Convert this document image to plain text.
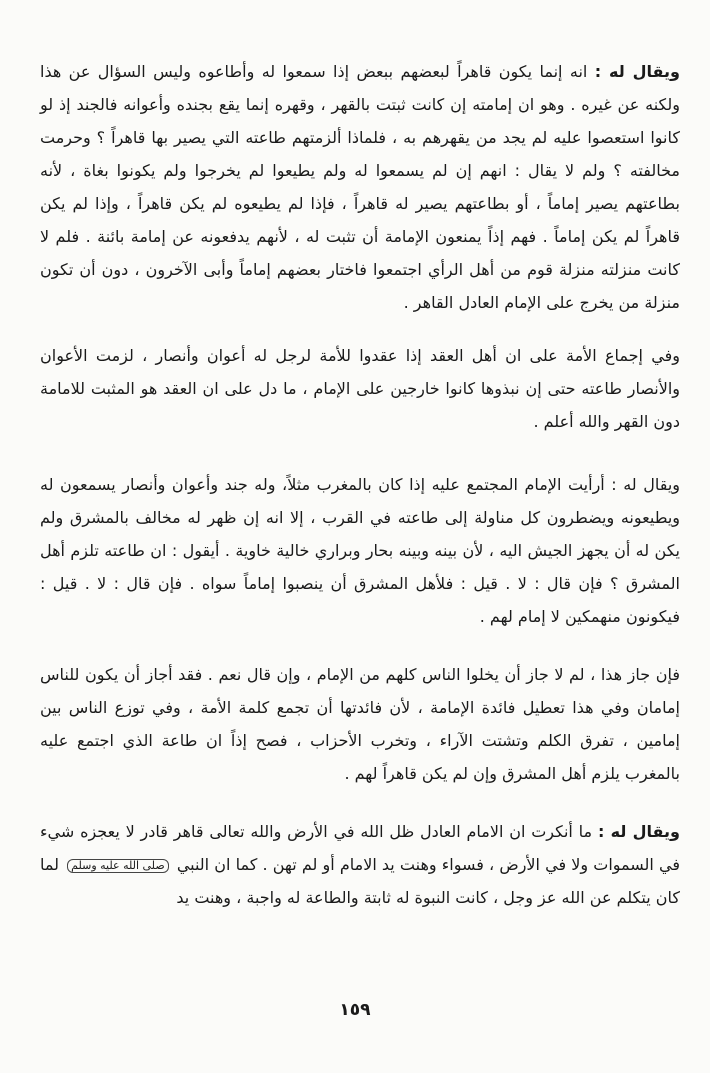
ويقال له : انه إنما يكون قاهراً لبعضهم ببعض إذا سمعوا له وأطاعوه وليس السؤال عن هذا ولكنه عن غيره . وهو ان إمامته إن كانت ثبتت بالقهر ، وقهره إنما يقع بجنده وأعوانه فالجند إذ لو كانوا استعصوا عليه لم يجد من يقهرهم به ، فلماذا ألزمتهم طاعته التي يصير بها قاهراً ؟ وحرمت مخالفته ؟ ولم لا يقال : انهم إن لم يسمعوا له ولم يطيعوا لم يخرجوا ولم يكونوا بغاة ، لأنه بطاعتهم يصير إماماً ، أو بطاعتهم يصير له قاهراً ، فإذا لم يطيعوه لم يكن قاهراً ، وإذا لم يكن قاهراً لم يكن إماماً . فهم إذاً يمنعون الإمامة أن تثبت له ، لأنهم يدفعونه عن إمامة بائنة . فلم لا كانت منزلته منزلة قوم من أهل الرأي اجتمعوا فاختار بعضهم إماماً وأبى الآخرون ، دون أن تكون منزلة من يخرج على الإمام العادل القاهر .

وفي إجماع الأمة على ان أهل العقد إذا عقدوا للأمة لرجل له أعوان وأنصار ، لزمت الأعوان والأنصار طاعته حتى إن نبذوها كانوا خارجين على الإمام ، ما دل على ان العقد هو المثبت للامامة دون القهر والله أعلم .

ويقال له : أرأيت الإمام المجتمع عليه إذا كان بالمغرب مثلاً، وله جند وأعوان وأنصار يسمعون له ويطيعونه ويضطرون كل مناولة إلى طاعته في القرب ، إلا انه إن ظهر له مخالف بالمشرق ولم يكن له أن يجهز الجيش اليه ، لأن بينه وبينه بحار وبراري خالية خاوية . أيقول : ان طاعته تلزم أهل المشرق ؟ فإن قال : لا . قيل : فلأهل المشرق أن ينصبوا إماماً سواه . فإن قال : لا . قيل : فيكونون منهمكين لا إمام لهم .

فإن جاز هذا ، لم لا جاز أن يخلوا الناس كلهم من الإمام ، وإن قال نعم . فقد أجاز أن يكون للناس إمامان وفي هذا تعطيل فائدة الإمامة ، لأن فائدتها أن تجمع كلمة الأمة ، وفي توزع الناس بين إمامين ، تفرق الكلم وتشتت الآراء ، وتخرب الأحزاب ، فصح إذاً ان طاعة الذي اجتمع عليه بالمغرب يلزم أهل المشرق وإن لم يكن قاهراً لهم .

ويقال له : ما أنكرت ان الامام العادل ظل الله في الأرض والله تعالى قاهر قادر لا يعجزه شيء في السموات ولا في الأرض ، فسواء وهنت يد الامام أو لم تهن . كما ان النبي صلى الله عليه وسلم لما كان يتكلم عن الله عز وجل ، كانت النبوة له ثابتة والطاعة له واجبة ، وهنت يد

١٥٩
